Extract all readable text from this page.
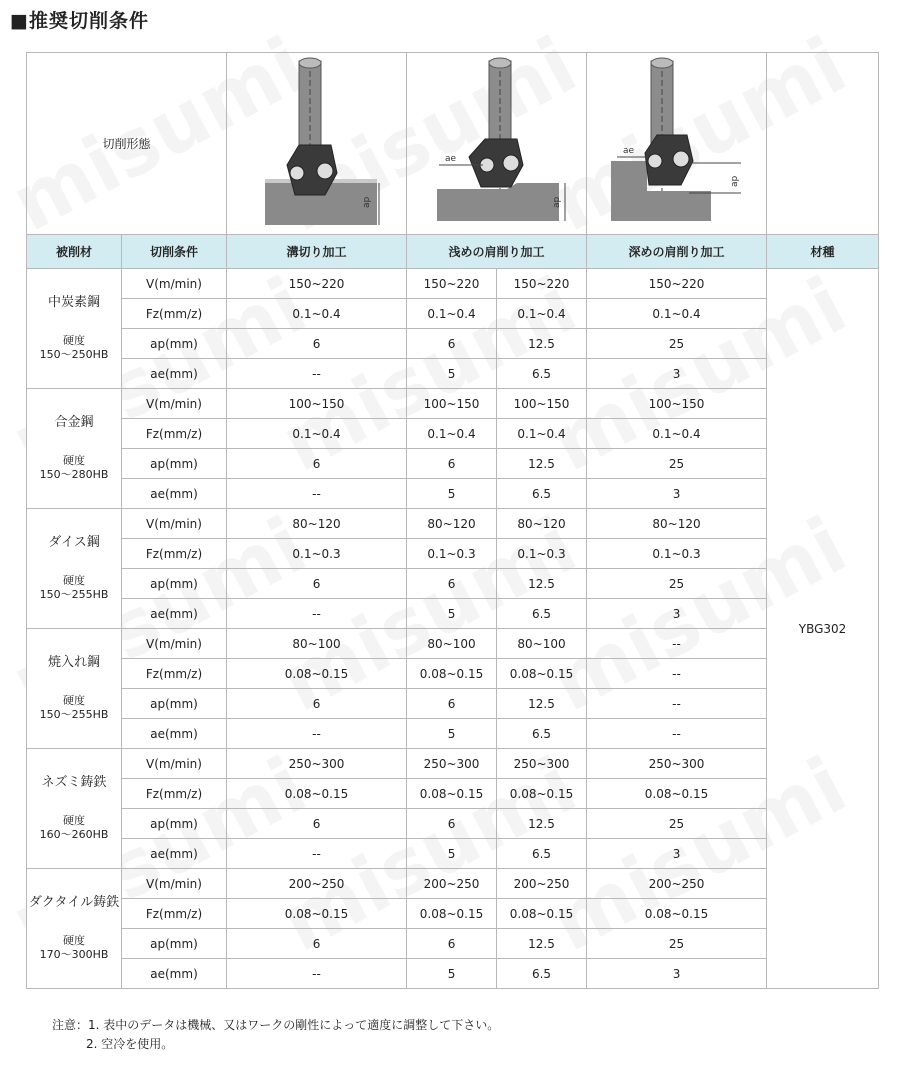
■推奨切削条件
切削形態		ap	ae
ap		ae
ap	

被削材	切削条件	溝切り加工	浅めの肩削り加工		深めの肩削り加工	材種

中炭素鋼
硬度
150～250HB	V(m/min)	150~220	150~220	150~220	150~220	YBG302
	Fz(mm/z)	0.1~0.4	0.1~0.4	0.1~0.4	0.1~0.4	
	ap(mm)	6	6	12.5	25	
	ae(mm)	--	5	6.5	3	

合金鋼
硬度
150～280HB	V(m/min)	100~150	100~150	100~150	100~150	
	Fz(mm/z)	0.1~0.4	0.1~0.4	0.1~0.4	0.1~0.4	
	ap(mm)	6	6	12.5	25	
	ae(mm)	--	5	6.5	3	

ダイス鋼
硬度
150～255HB	V(m/min)	80~120	80~120	80~120	80~120	
	Fz(mm/z)	0.1~0.3	0.1~0.3	0.1~0.3	0.1~0.3	
	ap(mm)	6	6	12.5	25	
	ae(mm)	--	5	6.5	3	

焼入れ鋼
硬度
150～255HB	V(m/min)	80~100	80~100	80~100	--	
	Fz(mm/z)	0.08~0.15	0.08~0.15	0.08~0.15	--	
	ap(mm)	6	6	12.5	--	
	ae(mm)	--	5	6.5	--	

ネズミ鋳鉄
硬度
160～260HB	V(m/min)	250~300	250~300	250~300	250~300	
	Fz(mm/z)	0.08~0.15	0.08~0.15	0.08~0.15	0.08~0.15	
	ap(mm)	6	6	12.5	25	
	ae(mm)	--	5	6.5	3	

ダクタイル鋳鉄
硬度
170～300HB	V(m/min)	200~250	200~250	200~250	200~250	
	Fz(mm/z)	0.08~0.15	0.08~0.15	0.08~0.15	0.08~0.15	
	ap(mm)	6	6	12.5	25	
	ae(mm)	--	5	6.5	3	
注意：1. 表中のデータは機械、又はワークの剛性によって適度に調整して下さい。
2. 空冷を使用。
